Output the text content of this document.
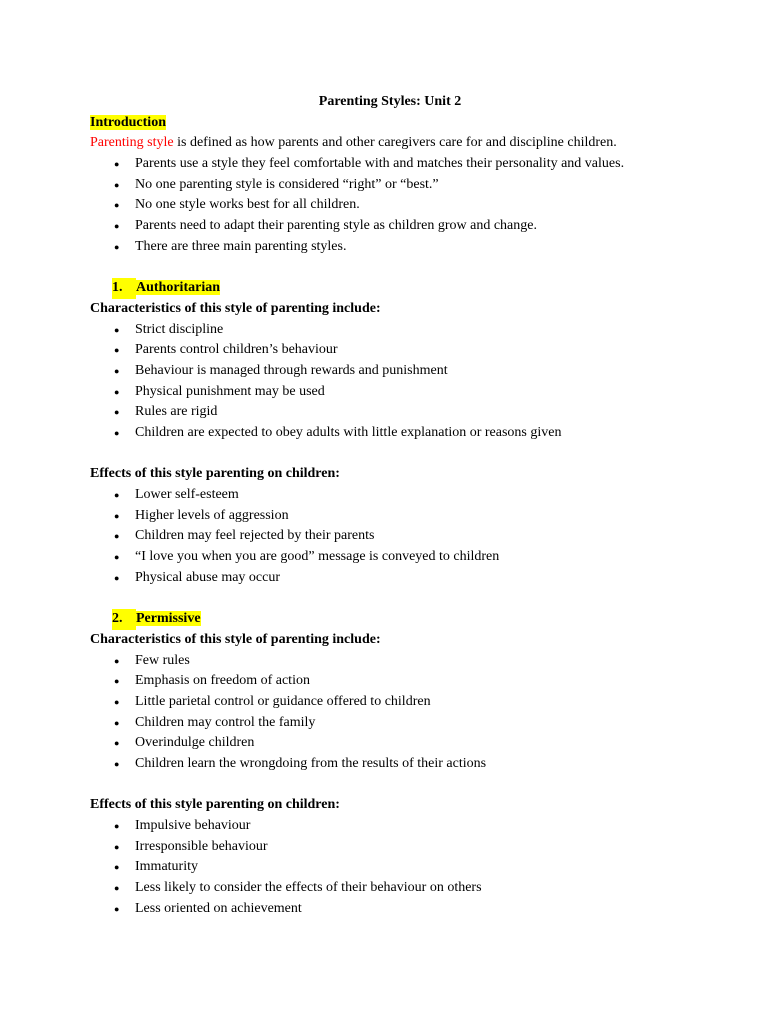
Parenting Styles: Unit 2
Introduction
Parenting style is defined as how parents and other caregivers care for and discipline children.
● Parents use a style they feel comfortable with and matches their personality and values.
● No one parenting style is considered “right” or “best.”
● No one style works best for all children.
● Parents need to adapt their parenting style as children grow and change.
● There are three main parenting styles.
1. Authoritarian
Characteristics of this style of parenting include:
● Strict discipline
● Parents control children’s behaviour
● Behaviour is managed through rewards and punishment
● Physical punishment may be used
● Rules are rigid
● Children are expected to obey adults with little explanation or reasons given
Effects of this style parenting on children:
● Lower self-esteem
● Higher levels of aggression
● Children may feel rejected by their parents
● “I love you when you are good” message is conveyed to children
● Physical abuse may occur
2. Permissive
Characteristics of this style of parenting include:
● Few rules
● Emphasis on freedom of action
● Little parietal control or guidance offered to children
● Children may control the family
● Overindulge children
● Children learn the wrongdoing from the results of their actions
Effects of this style parenting on children:
● Impulsive behaviour
● Irresponsible behaviour
● Immaturity
● Less likely to consider the effects of their behaviour on others
● Less oriented on achievement
